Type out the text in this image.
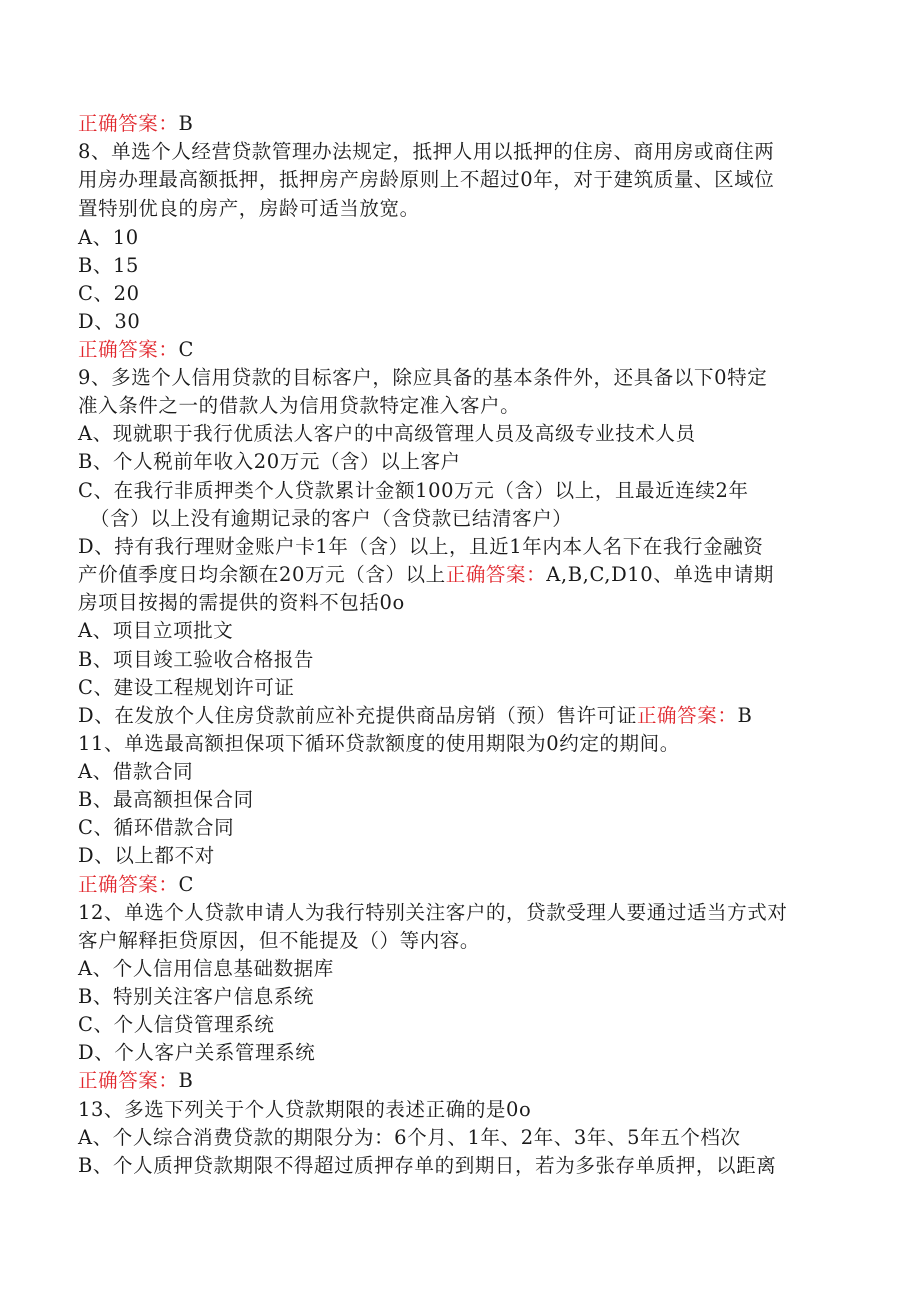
正确答案：B
8、单选个人经营贷款管理办法规定，抵押人用以抵押的住房、商用房或商住两
用房办理最高额抵押，抵押房产房龄原则上不超过0年，对于建筑质量、区域位
置特别优良的房产，房龄可适当放宽。
A、10
B、15
C、20
D、30
正确答案：C
9、多选个人信用贷款的目标客户，除应具备的基本条件外，还具备以下0特定
准入条件之一的借款人为信用贷款特定准入客户。
A、现就职于我行优质法人客户的中高级管理人员及高级专业技术人员
B、个人税前年收入20万元（含）以上客户
C、在我行非质押类个人贷款累计金额100万元（含）以上，且最近连续2年
（含）以上没有逾期记录的客户（含贷款已结清客户）
D、持有我行理财金账户卡1年（含）以上，且近1年内本人名下在我行金融资
产价值季度日均余额在20万元（含）以上正确答案：A,B,C,D10、单选申请期
房项目按揭的需提供的资料不包括0o
A、项目立项批文
B、项目竣工验收合格报告
C、建设工程规划许可证
D、在发放个人住房贷款前应补充提供商品房销（预）售许可证正确答案：B
11、单选最高额担保项下循环贷款额度的使用期限为0约定的期间。
A、借款合同
B、最高额担保合同
C、循环借款合同
D、以上都不对
正确答案：C
12、单选个人贷款申请人为我行特别关注客户的，贷款受理人要通过适当方式对
客户解释拒贷原因，但不能提及（）等内容。
A、个人信用信息基础数据库
B、特别关注客户信息系统
C、个人信贷管理系统
D、个人客户关系管理系统
正确答案：B
13、多选下列关于个人贷款期限的表述正确的是0o
A、个人综合消费贷款的期限分为：6个月、1年、2年、3年、5年五个档次
B、个人质押贷款期限不得超过质押存单的到期日，若为多张存单质押，以距离
